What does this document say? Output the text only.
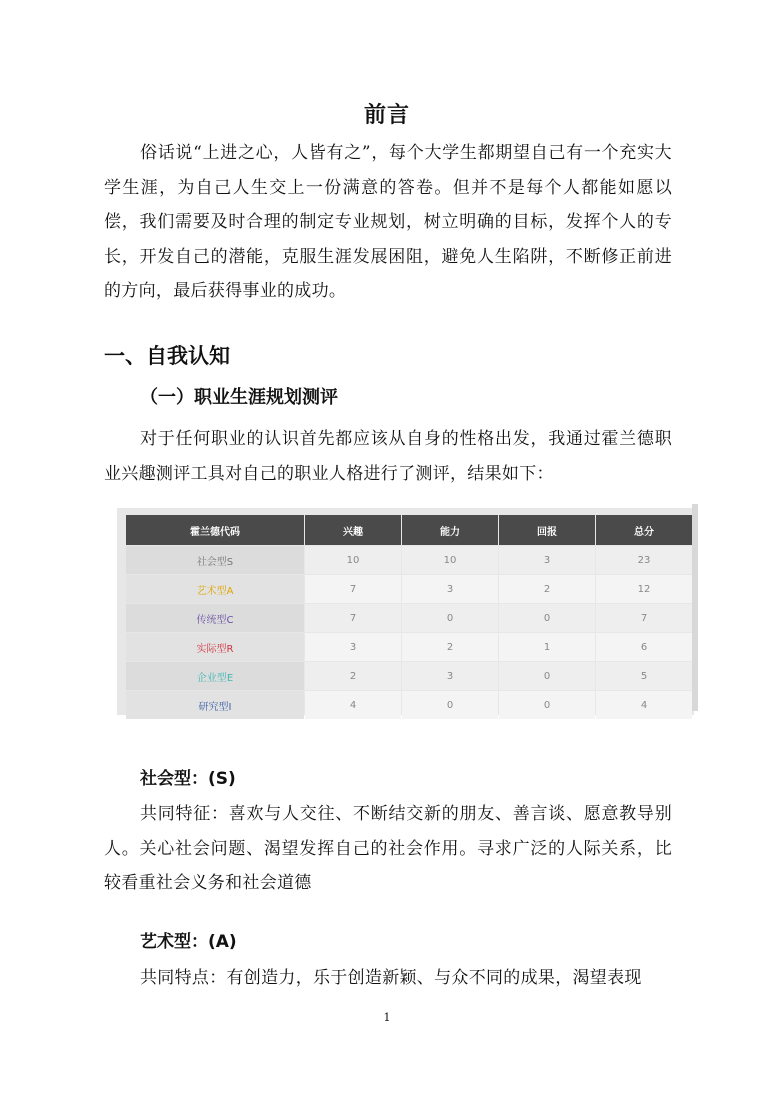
前言
俗话说“上进之心，人皆有之”，每个大学生都期望自己有一个充实大学生涯，为自己人生交上一份满意的答卷。但并不是每个人都能如愿以偿，我们需要及时合理的制定专业规划，树立明确的目标，发挥个人的专长，开发自己的潜能，克服生涯发展困阻，避免人生陷阱，不断修正前进的方向，最后获得事业的成功。
一、自我认知
（一）职业生涯规划测评
对于任何职业的认识首先都应该从自身的性格出发，我通过霍兰德职业兴趣测评工具对自己的职业人格进行了测评，结果如下：
霍兰德代码	兴趣	能力	回报	总分
社会型S	10	10	3	23
艺术型A	7	3	2	12
传统型C	7	0	0	7
实际型R	3	2	1	6
企业型E	2	3	0	5
研究型I	4	0	0	4
社会型：(S)
共同特征：喜欢与人交往、不断结交新的朋友、善言谈、愿意教导别人。关心社会问题、渴望发挥自己的社会作用。寻求广泛的人际关系，比较看重社会义务和社会道德
艺术型：(A)
共同特点：有创造力，乐于创造新颖、与众不同的成果，渴望表现
1
